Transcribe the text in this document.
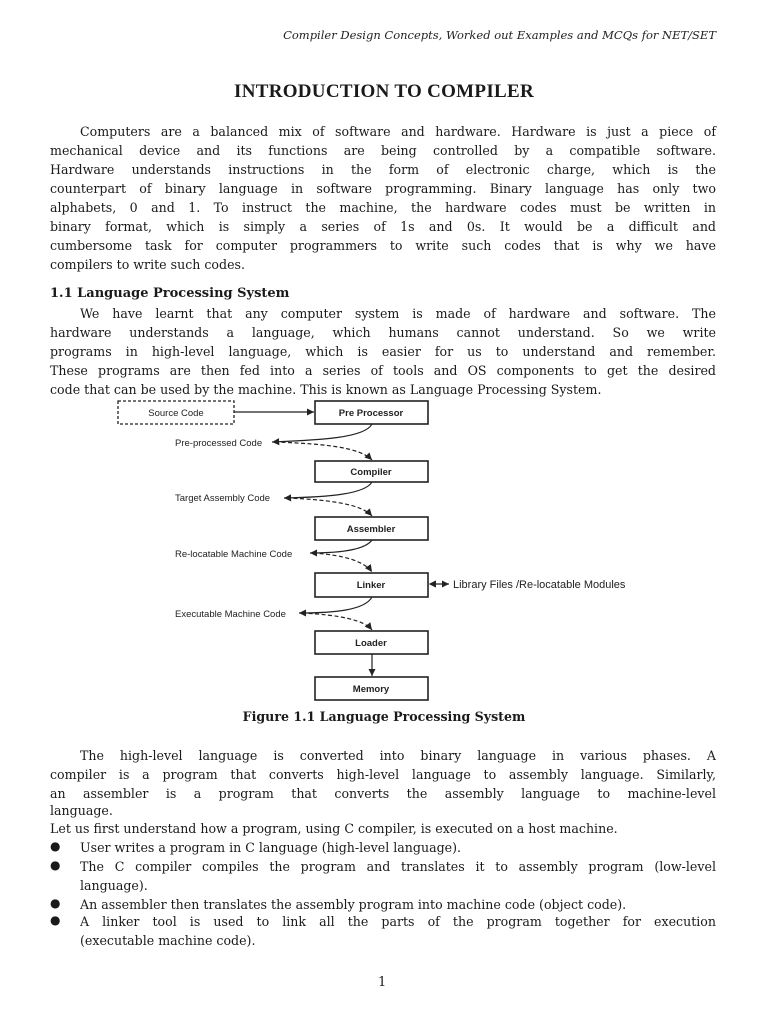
Compiler Design Concepts, Worked out Examples and MCQs for NET/SET
INTRODUCTION TO COMPILER
Computers are a balanced mix of software and hardware. Hardware is just a piece of
mechanical device and its functions are being controlled by a compatible software.
Hardware understands instructions in the form of electronic charge, which is the
counterpart of binary language in software programming. Binary language has only two
alphabets, 0 and 1. To instruct the machine, the hardware codes must be written in
binary format, which is simply a series of 1s and 0s. It would be a difficult and
cumbersome task for computer programmers to write such codes that is why we have
compilers to write such codes.
1.1 Language Processing System
We have learnt that any computer system is made of hardware and software. The
hardware understands a language, which humans cannot understand. So we write
programs in high-level language, which is easier for us to understand and remember.
These programs are then fed into a series of tools and OS components to get the desired
code that can be used by the machine. This is known as Language Processing System.
Source Code	Pre Processor
Compiler
Assembler
Linker
Loader
Memory
Pre-processed Code
Target Assembly Code
Re-locatable Machine Code
Executable Machine Code
Library Files /Re-locatable Modules
Figure 1.1 Language Processing System
The high-level language is converted into binary language in various phases. A
compiler is a program that converts high-level language to assembly language. Similarly,
an assembler is a program that converts the assembly language to machine-level
language.
Let us first understand how a program, using C compiler, is executed on a host machine.
● User writes a program in C language (high-level language).
● The C compiler compiles the program and translates it to assembly program (low-level
language).
● An assembler then translates the assembly program into machine code (object code).
● A linker tool is used to link all the parts of the program together for execution
(executable machine code).
1
